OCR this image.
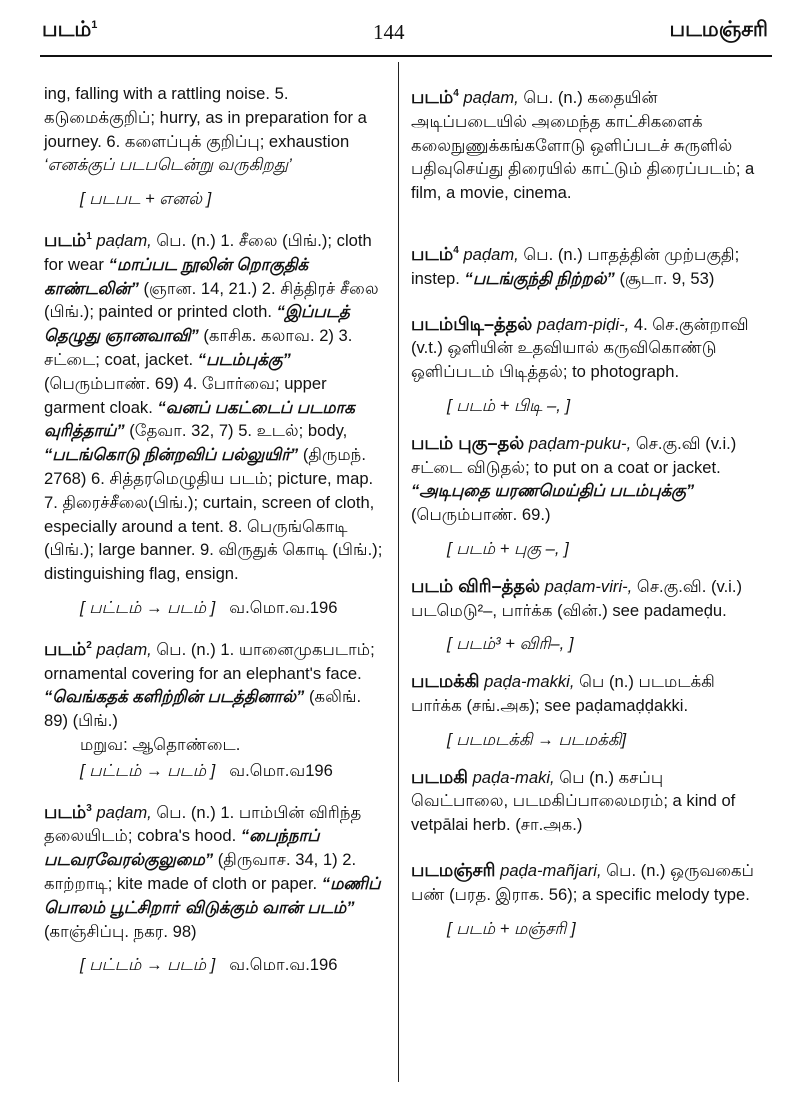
படம்$^1$	144	படமஞ்சரி
ing, falling with a rattling noise. 5. கடுமைக்குறிப்; hurry, as in preparation for a journey. 6. களைப்புக் குறிப்பு; exhaustion ‘எனக்குப் படபடென்று வருகிறது’
[ படபட + எனல் ]
படம்$^1$ paḍam, பெ. (n.) 1. சீலை (பிங்.); cloth for wear “மாப்பட நூலின் றொகுதிக் காண்டலின்” (ஞான. 14, 21.) 2. சித்திரச் சீலை (பிங்.); painted or printed cloth. “இப்படத் தெழுது ஞானவாவி” (காசிக. கலாவ. 2) 3. சட்டை; coat, jacket. “படம்புக்கு” (பெரும்பாண். 69) 4. போர்வை; upper garment cloak. “வனப் பகட்டைப் படமாக வுரித்தாய்” (தேவா. 32, 7) 5. உடல்; body, “படங்கொடு நின்றவிப் பல்லுயிர்” (திருமந். 2768) 6. சித்தரமெழுதிய படம்; picture, map. 7. திரைச்சீலை(பிங்.); curtain, screen of cloth, especially around a tent. 8. பெருங்கொடி (பிங்.); large banner. 9. விருதுக் கொடி (பிங்.); distinguishing flag, ensign.
[ பட்டம் → படம் ] வ.மொ.வ.196
படம்$^2$ paḍam, பெ. (n.) 1. யானைமுகபடாம்; ornamental covering for an elephant's face. “வெங்கதக் களிற்றின் படத்தினால்” (கலிங். 89) (பிங்.)
மறுவ: ஆதொண்டை.
[ பட்டம் → படம் ] வ.மொ.வ196
படம்$^3$ paḍam, பெ. (n.) 1. பாம்பின் விரிந்த தலையிடம்; cobra's hood. “பைந்நாப் படவரவேரல்குலுமை” (திருவாச. 34, 1) 2. காற்றாடி; kite made of cloth or paper. “மணிப் பொலம் பூட்சிறாா் விடுக்கும் வான் படம்” (காஞ்சிப்பு. நகர. 98)
[ பட்டம் → படம் ] வ.மொ.வ.196
படம்$^4$ paḍam, பெ. (n.) கதையின் அடிப்படையில் அமைந்த காட்சிகளைக் கலைநுணுக்கங்களோடு ஒளிப்படச் சுருளில் பதிவுசெய்து திரையில் காட்டும் திரைப்படம்; a film, a movie, cinema.
படம்$^4$ paḍam, பெ. (n.) பாதத்தின் முற்பகுதி; instep. “படங்குந்தி நிற்றல்” (சூடா. 9, 53)
படம்பிடி–த்தல் paḍam-piḍi-, 4. செ.குன்றாவி (v.t.) ஒளியின் உதவியால் கருவிகொண்டு ஒளிப்படம் பிடித்தல்; to photograph.
[ படம் + பிடி –, ]
படம் புகு–தல் paḍam-puku-, செ.கு.வி (v.i.) சட்டை விடுதல்; to put on a coat or jacket. “அடிபுதை யரணமெய்திப் படம்புக்கு” (பெரும்பாண். 69.)
[ படம் + புகு –, ]
படம் விரி–த்தல் paḍam-viri-, செ.கு.வி. (v.i.) படமெடு²–, பார்க்க (வின்.) see padameḍu.
[ படம்³ + விரி–, ]
படமக்கி paḍa-makki, பெ (n.) படமடக்கி பார்க்க (சங்.அக); see paḍamaḍḍakki.
[ படமடக்கி → படமக்கி]
படமகி paḍa-maki, பெ (n.) கசப்பு வெட்பாலை, படமகிப்பாலைமரம்; a kind of vetpālai herb. (சா.அக.)
படமஞ்சரி paḍa-mañjari, பெ. (n.) ஒருவகைப் பண் (பரத. இராக. 56); a specific melody type.
[ படம் + மஞ்சரி ]
